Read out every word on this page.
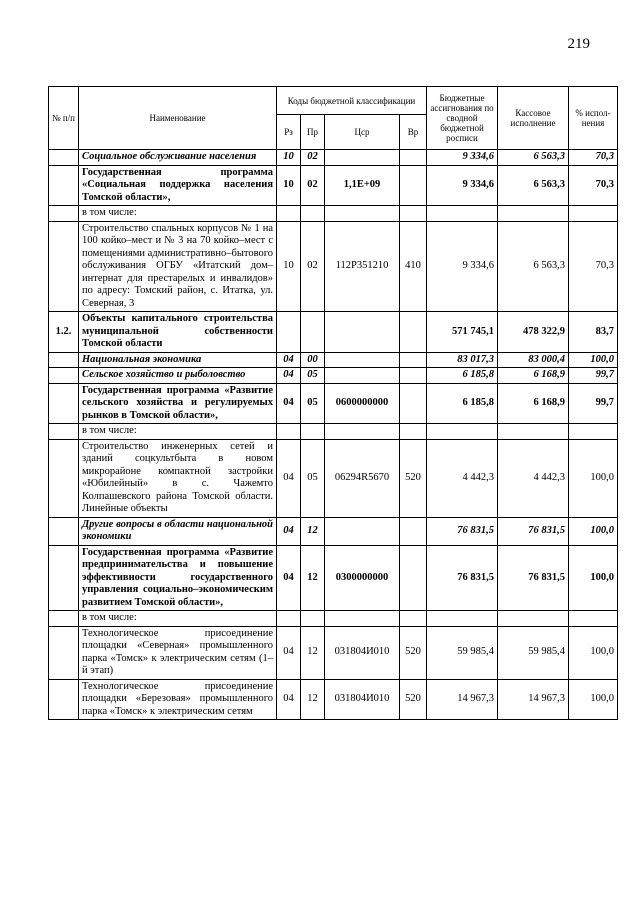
219
№ п/п	Наименование	Коды бюджетной классификации				Бюджетные ассигнования по сводной бюджетной росписи	Кассовое исполнение	% испол-нения
		Рз	Пр	Цср	Вр			
	Социальное обслуживание населения	10	02			9 334,6	6 563,3	70,3
	Государственная программа «Социальная поддержка населения Томской области»,	10	02	1,1E+09		9 334,6	6 563,3	70,3
	в том числе:							
	Строительство спальных корпусов № 1 на 100 койко–мест и № 3 на 70 койко–мест с помещениями административно–бытового обслуживания ОГБУ «Итатский дом–интернат для престарелых и инвалидов» по адресу: Томский район, с. Итатка, ул. Северная, 3	10	02	112P351210	410	9 334,6	6 563,3	70,3
1.2.	Объекты капитального строительства муниципальной собственности Томской области					571 745,1	478 322,9	83,7
	Национальная экономика	04	00			83 017,3	83 000,4	100,0
	Сельское хозяйство и рыболовство	04	05			6 185,8	6 168,9	99,7
	Государственная программа «Развитие сельского хозяйства и регулируемых рынков в Томской области»,	04	05	0600000000		6 185,8	6 168,9	99,7
	в том числе:							
	Строительство инженерных сетей и зданий соцкультбыта в новом микрорайоне компактной застройки «Юбилейный» в с. Чажемто Колпашевского района Томской области. Линейные объекты	04	05	06294R5670	520	4 442,3	4 442,3	100,0
	Другие вопросы в области национальной экономики	04	12			76 831,5	76 831,5	100,0
	Государственная программа «Развитие предпринимательства и повышение эффективности государственного управления социально–экономическим развитием Томской области»,	04	12	0300000000		76 831,5	76 831,5	100,0
	в том числе:							
	Технологическое присоединение площадки «Северная» промышленного парка «Томск» к электрическим сетям (1–й этап)	04	12	031804И010	520	59 985,4	59 985,4	100,0
	Технологическое присоединение площадки «Березовая» промышленного парка «Томск» к электрическим сетям	04	12	031804И010	520	14 967,3	14 967,3	100,0
